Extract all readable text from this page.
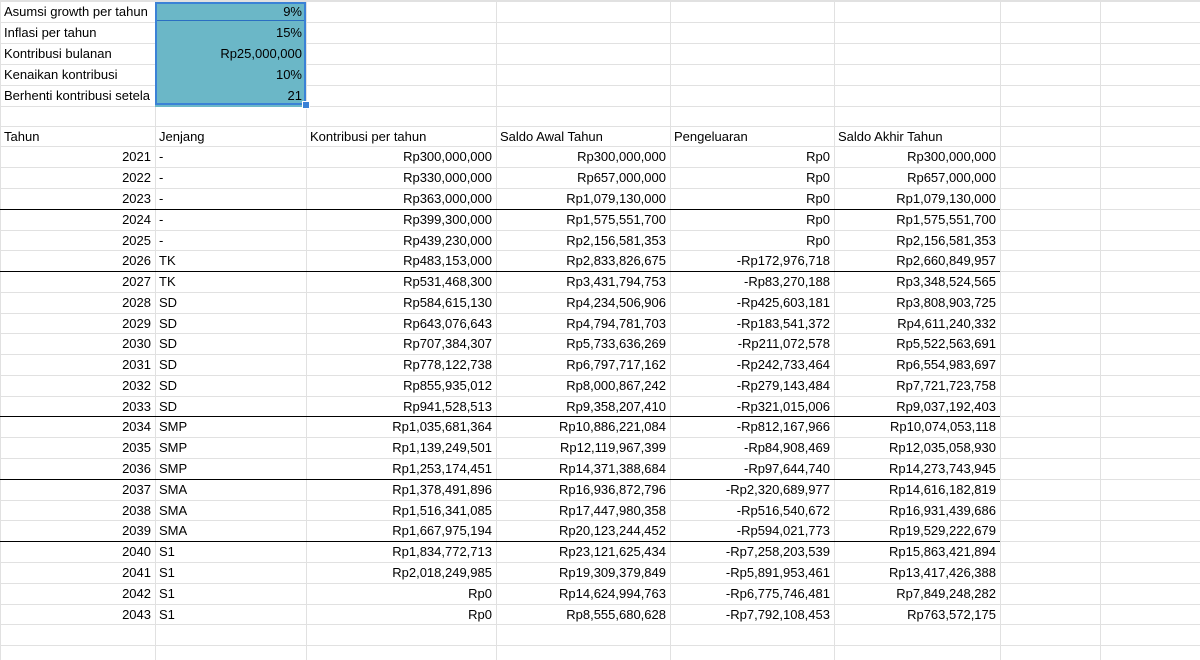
Asumsi growth per tahun	9%
Inflasi per tahun	15%
Kontribusi bulanan	Rp25,000,000
Kenaikan kontribusi	10%
Berhenti kontribusi setela	21
Tahun	Jenjang	Kontribusi per tahun	Saldo Awal Tahun	Pengeluaran	Saldo Akhir Tahun
2021 -	Rp300,000,000	Rp300,000,000	Rp0	Rp300,000,000
2022 -	Rp330,000,000	Rp657,000,000	Rp0	Rp657,000,000
2023 -	Rp363,000,000	Rp1,079,130,000	Rp0	Rp1,079,130,000
2024 -	Rp399,300,000	Rp1,575,551,700	Rp0	Rp1,575,551,700
2025 -	Rp439,230,000	Rp2,156,581,353	Rp0	Rp2,156,581,353
2026 TK	Rp483,153,000	Rp2,833,826,675	-Rp172,976,718	Rp2,660,849,957
2027 TK	Rp531,468,300	Rp3,431,794,753	-Rp83,270,188	Rp3,348,524,565
2028 SD	Rp584,615,130	Rp4,234,506,906	-Rp425,603,181	Rp3,808,903,725
2029 SD	Rp643,076,643	Rp4,794,781,703	-Rp183,541,372	Rp4,611,240,332
2030 SD	Rp707,384,307	Rp5,733,636,269	-Rp211,072,578	Rp5,522,563,691
2031 SD	Rp778,122,738	Rp6,797,717,162	-Rp242,733,464	Rp6,554,983,697
2032 SD	Rp855,935,012	Rp8,000,867,242	-Rp279,143,484	Rp7,721,723,758
2033 SD	Rp941,528,513	Rp9,358,207,410	-Rp321,015,006	Rp9,037,192,403
2034 SMP	Rp1,035,681,364	Rp10,886,221,084	-Rp812,167,966	Rp10,074,053,118
2035 SMP	Rp1,139,249,501	Rp12,119,967,399	-Rp84,908,469	Rp12,035,058,930
2036 SMP	Rp1,253,174,451	Rp14,371,388,684	-Rp97,644,740	Rp14,273,743,945
2037 SMA	Rp1,378,491,896	Rp16,936,872,796	-Rp2,320,689,977	Rp14,616,182,819
2038 SMA	Rp1,516,341,085	Rp17,447,980,358	-Rp516,540,672	Rp16,931,439,686
2039 SMA	Rp1,667,975,194	Rp20,123,244,452	-Rp594,021,773	Rp19,529,222,679
2040 S1	Rp1,834,772,713	Rp23,121,625,434	-Rp7,258,203,539	Rp15,863,421,894
2041 S1	Rp2,018,249,985	Rp19,309,379,849	-Rp5,891,953,461	Rp13,417,426,388
2042 S1	Rp0	Rp14,624,994,763	-Rp6,775,746,481	Rp7,849,248,282
2043 S1	Rp0	Rp8,555,680,628	-Rp7,792,108,453	Rp763,572,175
